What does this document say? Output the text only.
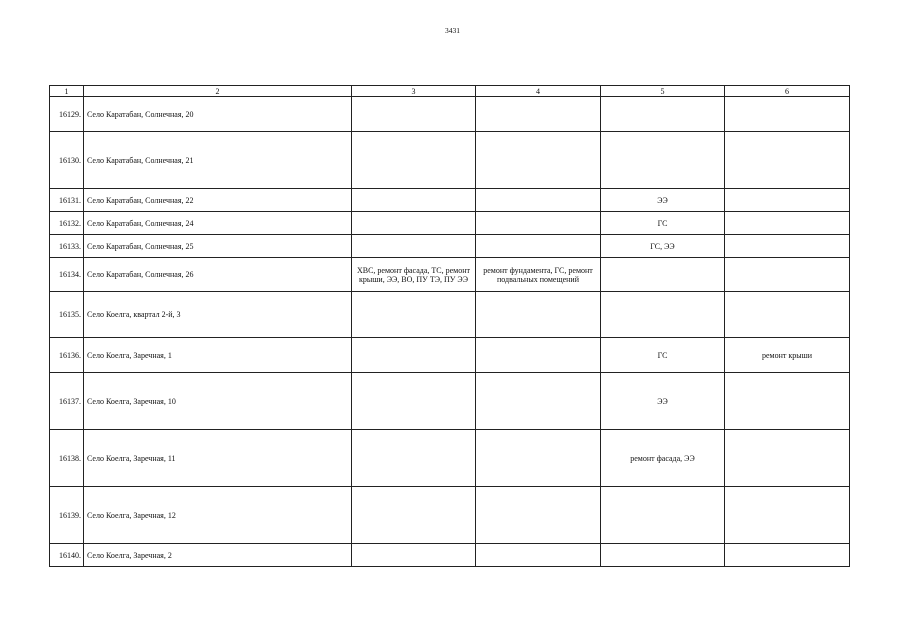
3431
1	2	3	4	5	6
16129.	Село Каратабан, Солнечная, 20				
16130.	Село Каратабан, Солнечная, 21				
16131.	Село Каратабан, Солнечная, 22			ЭЭ	
16132.	Село Каратабан, Солнечная, 24			ГС	
16133.	Село Каратабан, Солнечная, 25			ГС, ЭЭ	
16134.	Село Каратабан, Солнечная, 26	ХВС, ремонт фасада, ТС, ремонт крыши, ЭЭ, ВО, ПУ ТЭ, ПУ ЭЭ	ремонт фундамента, ГС, ремонт подвальных помещений		
16135.	Село Коелга, квартал 2-й, 3				
16136.	Село Коелга, Заречная, 1			ГС	ремонт крыши
16137.	Село Коелга, Заречная, 10			ЭЭ	
16138.	Село Коелга, Заречная, 11			ремонт фасада, ЭЭ	
16139.	Село Коелга, Заречная, 12				
16140.	Село Коелга, Заречная, 2				
